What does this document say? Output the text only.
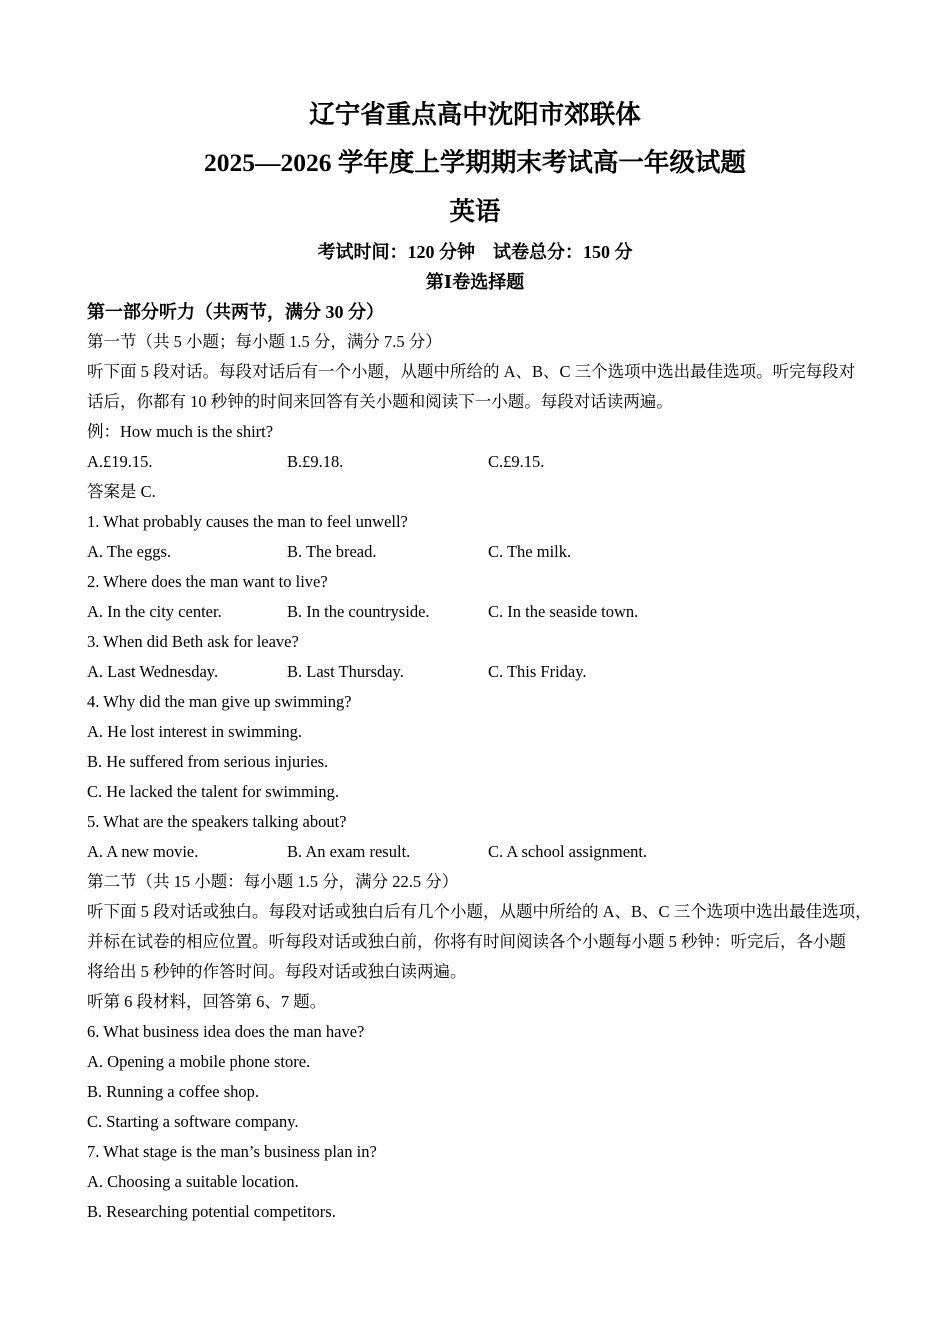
辽宁省重点高中沈阳市郊联体
2025—2026 学年度上学期期末考试高一年级试题
英语
考试时间：120 分钟　试卷总分：150 分
第Ⅰ卷选择题
第一部分听力（共两节，满分 30 分）
第一节（共 5 小题；每小题 1.5 分，满分 7.5 分）
听下面 5 段对话。每段对话后有一个小题，从题中所给的 A、B、C 三个选项中选出最佳选项。听完每段对
话后，你都有 10 秒钟的时间来回答有关小题和阅读下一小题。每段对话读两遍。
例：How much is the shirt?
A.£19.15.	B.£9.18.	C.£9.15.
答案是 C.
1. What probably causes the man to feel unwell?
A. The eggs.	B. The bread.	C. The milk.
2. Where does the man want to live?
A. In the city center.	B. In the countryside.	C. In the seaside town.
3. When did Beth ask for leave?
A. Last Wednesday.	B. Last Thursday.	C. This Friday.
4. Why did the man give up swimming?
A. He lost interest in swimming.
B. He suffered from serious injuries.
C. He lacked the talent for swimming.
5. What are the speakers talking about?
A. A new movie.	B. An exam result.	C. A school assignment.
第二节（共 15 小题：每小题 1.5 分，满分 22.5 分）
听下面 5 段对话或独白。每段对话或独白后有几个小题，从题中所给的 A、B、C 三个选项中选出最佳选项，
并标在试卷的相应位置。听每段对话或独白前，你将有时间阅读各个小题每小题 5 秒钟：听完后，各小题
将给出 5 秒钟的作答时间。每段对话或独白读两遍。
听第 6 段材料，回答第 6、7 题。
6. What business idea does the man have?
A. Opening a mobile phone store.
B. Running a coffee shop.
C. Starting a software company.
7. What stage is the man’s business plan in?
A. Choosing a suitable location.
B. Researching potential competitors.
